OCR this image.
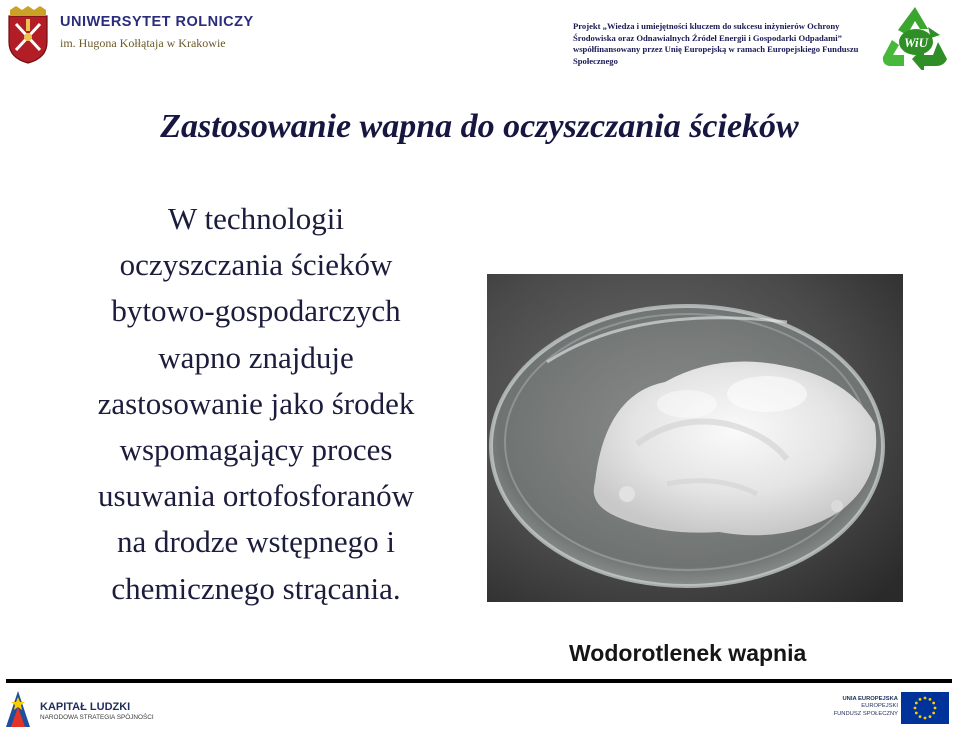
UNIWERSYTET ROLNICZY
im. Hugona Kołłątaja w Krakowie
Projekt „Wiedza i umiejętności kluczem do sukcesu inżynierów Ochrony
Środowiska oraz Odnawialnych Źródeł Energii i Gospodarki Odpadami”
współfinansowany przez Unię Europejską w ramach Europejskiego Funduszu
Społecznego
WiU
Zastosowanie wapna do oczyszczania ścieków
W technologii
oczyszczania ścieków
bytowo-gospodarczych
wapno znajduje
zastosowanie jako środek
wspomagający proces
usuwania ortofosforanów
na drodze wstępnego i
chemicznego strącania.
Wodorotlenek wapnia
KAPITAŁ LUDZKI
NARODOWA STRATEGIA SPÓJNOŚCI
UNIA EUROPEJSKA
EUROPEJSKI
FUNDUSZ SPOŁECZNY
